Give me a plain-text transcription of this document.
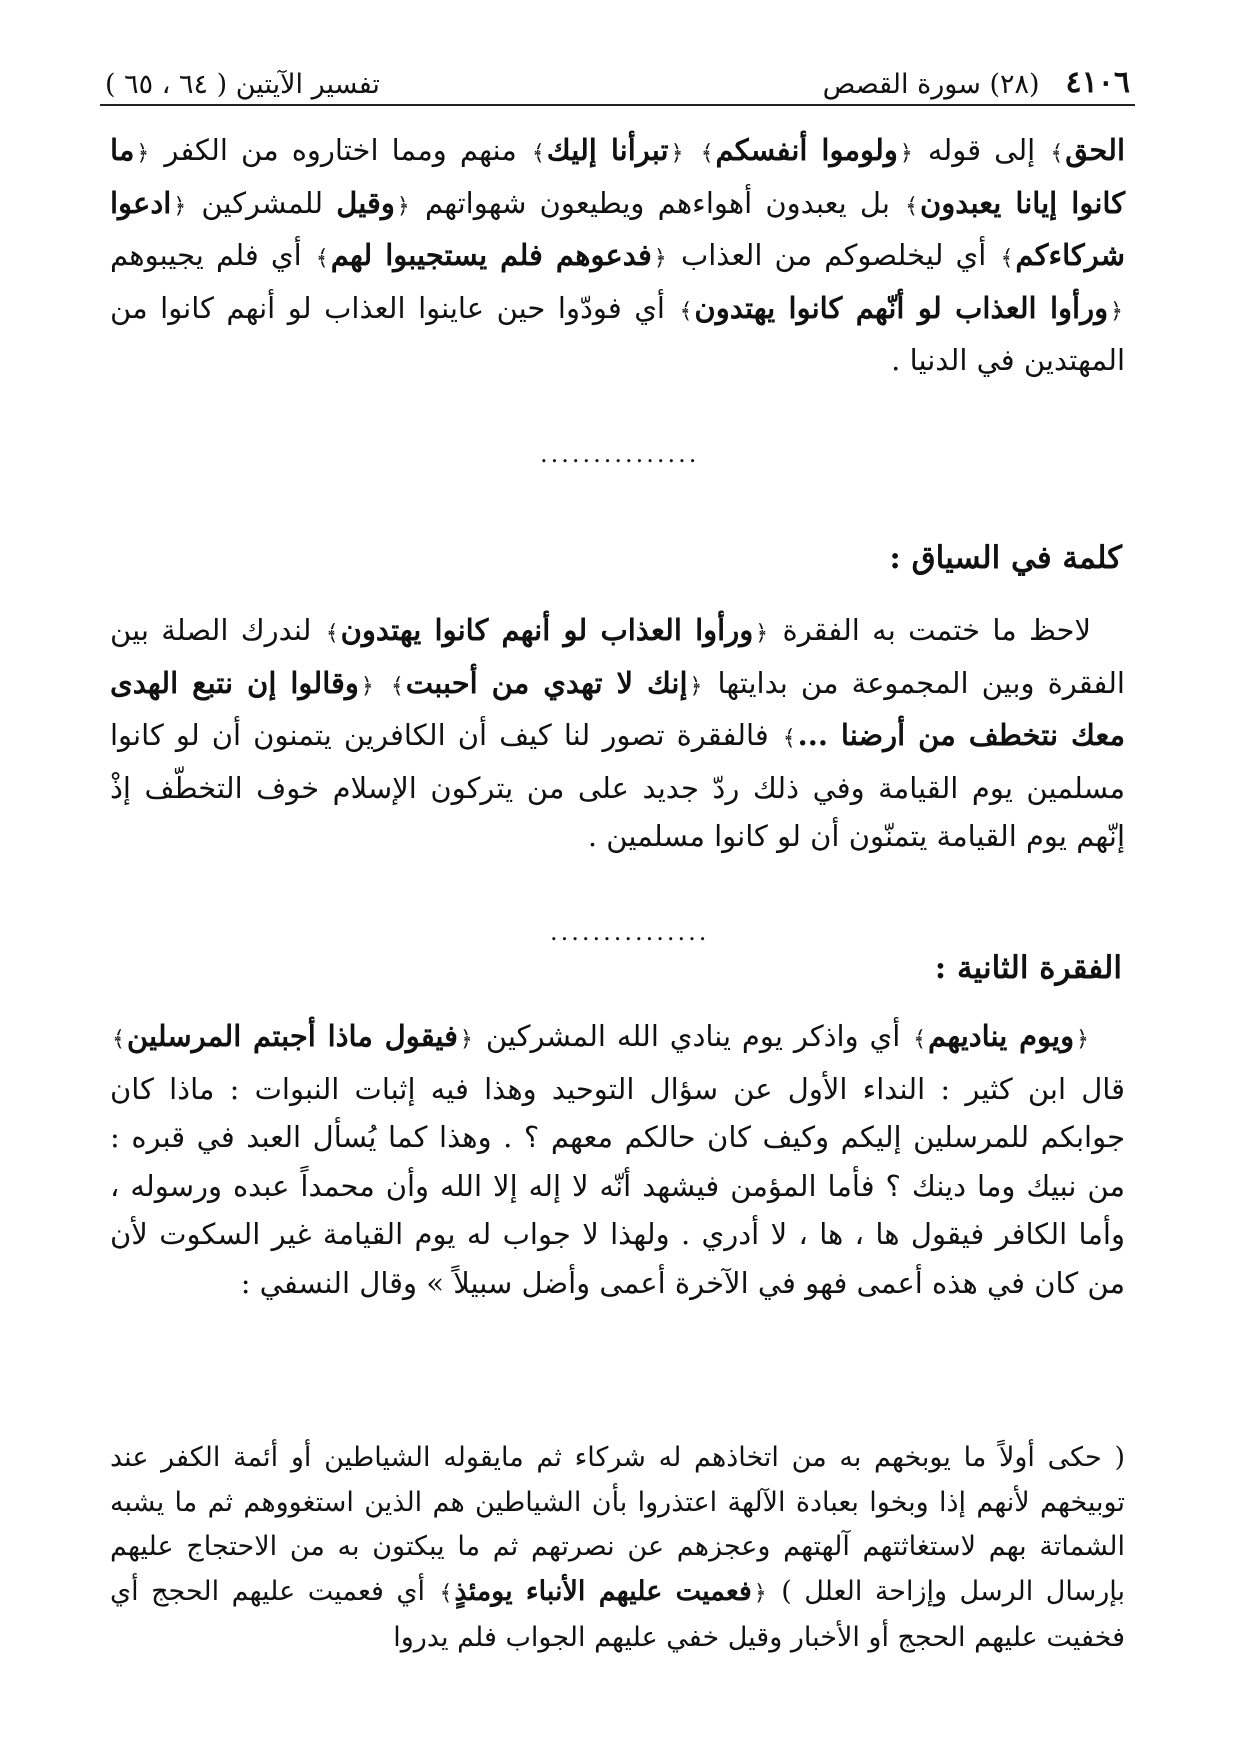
٤١٠٦
(٢٨) سورة القصص
تفسير الآيتين ( ٦٤ ، ٦٥ )

الحق﴾ إلى قوله ﴿ولوموا أنفسكم﴾ ﴿تبرأنا إليك﴾ منهم ومما اختاروه من الكفر ﴿ما كانوا إيانا يعبدون﴾ بل يعبدون أهواءهم ويطيعون شهواتهم ﴿وقيل للمشركين ﴿ادعوا شركاءكم﴾ أي ليخلصوكم من العذاب ﴿فدعوهم فلم يستجيبوا لهم﴾ أي فلم يجيبوهم ﴿ورأوا العذاب لو أنّهم كانوا يهتدون﴾ أي فودّوا حين عاينوا العذاب لو أنهم كانوا من المهتدين في الدنيا .

...............
كلمة في السياق :

لاحظ ما ختمت به الفقرة ﴿ورأوا العذاب لو أنهم كانوا يهتدون﴾ لندرك الصلة بين الفقرة وبين المجموعة من بدايتها ﴿إنك لا تهدي من أحببت﴾ ﴿وقالوا إن نتبع الهدى معك نتخطف من أرضنا ...﴾ فالفقرة تصور لنا كيف أن الكافرين يتمنون أن لو كانوا مسلمين يوم القيامة وفي ذلك ردّ جديد على من يتركون الإسلام خوف التخطّف إذْ إنّهم يوم القيامة يتمنّون أن لو كانوا مسلمين .

...............
الفقرة الثانية :

﴿ويوم يناديهم﴾ أي واذكر يوم ينادي الله المشركين ﴿فيقول ماذا أجبتم المرسلين﴾ قال ابن كثير : النداء الأول عن سؤال التوحيد وهذا فيه إثبات النبوات : ماذا كان جوابكم للمرسلين إليكم وكيف كان حالكم معهم ؟ . وهذا كما يُسأل العبد في قبره : من نبيك وما دينك ؟ فأما المؤمن فيشهد أنّه لا إله إلا الله وأن محمداً عبده ورسوله ، وأما الكافر فيقول ها ، ها ، لا أدري . ولهذا لا جواب له يوم القيامة غير السكوت لأن من كان في هذه أعمى فهو في الآخرة أعمى وأضل سبيلاً » وقال النسفي :

( حكى أولاً ما يوبخهم به من اتخاذهم له شركاء ثم مايقوله الشياطين أو أئمة الكفر عند توبيخهم لأنهم إذا وبخوا بعبادة الآلهة اعتذروا بأن الشياطين هم الذين استغووهم ثم ما يشبه الشماتة بهم لاستغاثتهم آلهتهم وعجزهم عن نصرتهم ثم ما يبكتون به من الاحتجاج عليهم بإرسال الرسل وإزاحة العلل ) ﴿فعميت عليهم الأنباء يومئذٍ﴾ أي فعميت عليهم الحجج أي فخفيت عليهم الحجج أو الأخبار وقيل خفي عليهم الجواب فلم يدروا
